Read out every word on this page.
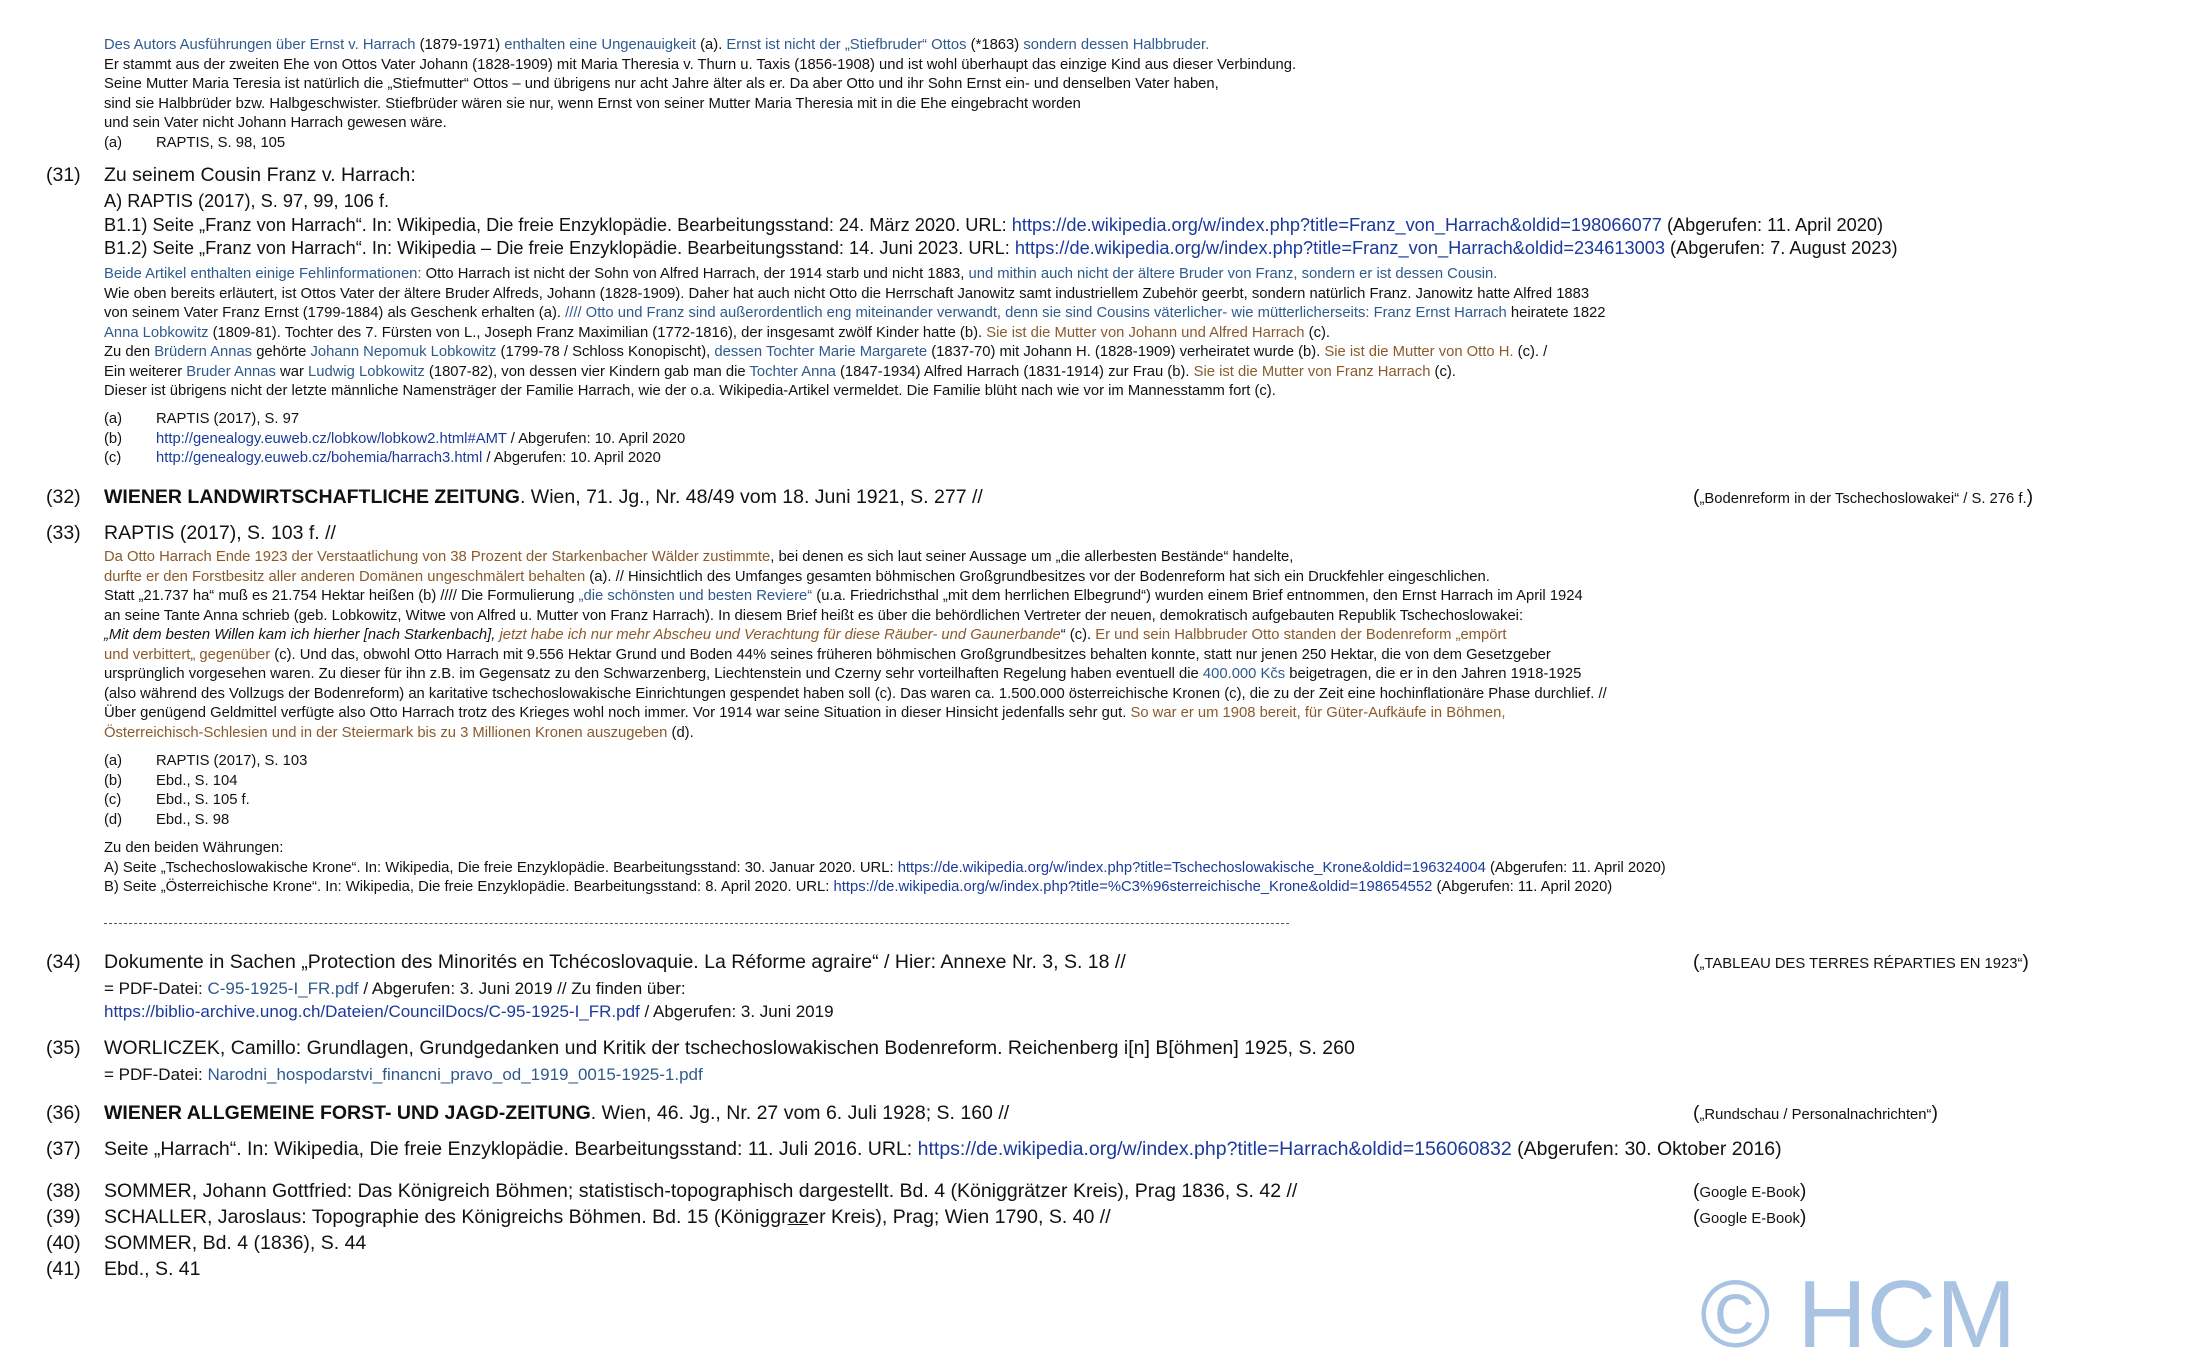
Des Autors Ausführungen über Ernst v. Harrach (1879-1971) enthalten eine Ungenauigkeit (a). Ernst ist nicht der „Stiefbruder“ Ottos (*1863) sondern dessen Halbbruder.
Er stammt aus der zweiten Ehe von Ottos Vater Johann (1828-1909) mit Maria Theresia v. Thurn u. Taxis (1856-1908) und ist wohl überhaupt das einzige Kind aus dieser Verbindung.
Seine Mutter Maria Teresia ist natürlich die „Stiefmutter“ Ottos – und übrigens nur acht Jahre älter als er. Da aber Otto und ihr Sohn Ernst ein- und denselben Vater haben,
sind sie Halbbrüder bzw. Halbgeschwister. Stiefbrüder wären sie nur, wenn Ernst von seiner Mutter Maria Theresia mit in die Ehe eingebracht worden
und sein Vater nicht Johann Harrach gewesen wäre.
(a) RAPTIS, S. 98, 105
(31) Zu seinem Cousin Franz v. Harrach:
A) RAPTIS (2017), S. 97, 99, 106 f.
B1.1) Seite „Franz von Harrach“. In: Wikipedia, Die freie Enzyklopädie. Bearbeitungsstand: 24. März 2020. URL: https://de.wikipedia.org/w/index.php?title=Franz_von_Harrach&oldid=198066077 (Abgerufen: 11. April 2020)
B1.2) Seite „Franz von Harrach“. In: Wikipedia – Die freie Enzyklopädie. Bearbeitungsstand: 14. Juni 2023. URL: https://de.wikipedia.org/w/index.php?title=Franz_von_Harrach&oldid=234613003 (Abgerufen: 7. August 2023)
Beide Artikel enthalten einige Fehlinformationen: Otto Harrach ist nicht der Sohn von Alfred Harrach, der 1914 starb und nicht 1883, und mithin auch nicht der ältere Bruder von Franz, sondern er ist dessen Cousin.
Wie oben bereits erläutert, ist Ottos Vater der ältere Bruder Alfreds, Johann (1828-1909). Daher hat auch nicht Otto die Herrschaft Janowitz samt industriellem Zubehör geerbt, sondern natürlich Franz. Janowitz hatte Alfred 1883
von seinem Vater Franz Ernst (1799-1884) als Geschenk erhalten (a). //// Otto und Franz sind außerordentlich eng miteinander verwandt, denn sie sind Cousins väterlicher- wie mütterlicherseits: Franz Ernst Harrach heiratete 1822
Anna Lobkowitz (1809-81). Tochter des 7. Fürsten von L., Joseph Franz Maximilian (1772-1816), der insgesamt zwölf Kinder hatte (b). Sie ist die Mutter von Johann und Alfred Harrach (c).
Zu den Brüdern Annas gehörte Johann Nepomuk Lobkowitz (1799-78 / Schloss Konopischt), dessen Tochter Marie Margarete (1837-70) mit Johann H. (1828-1909) verheiratet wurde (b). Sie ist die Mutter von Otto H. (c). /
Ein weiterer Bruder Annas war Ludwig Lobkowitz (1807-82), von dessen vier Kindern gab man die Tochter Anna (1847-1934) Alfred Harrach (1831-1914) zur Frau (b). Sie ist die Mutter von Franz Harrach (c).
Dieser ist übrigens nicht der letzte männliche Namensträger der Familie Harrach, wie der o.a. Wikipedia-Artikel vermeldet. Die Familie blüht nach wie vor im Mannesstamm fort (c).
(a) RAPTIS (2017), S. 97
(b) http://genealogy.euweb.cz/lobkow/lobkow2.html#AMT / Abgerufen: 10. April 2020
(c) http://genealogy.euweb.cz/bohemia/harrach3.html / Abgerufen: 10. April 2020
(32) WIENER LANDWIRTSCHAFTLICHE ZEITUNG. Wien, 71. Jg., Nr. 48/49 vom 18. Juni 1921, S. 277 //	(„Bodenreform in der Tschechoslowakei“ / S. 276 f.)
(33) RAPTIS (2017), S. 103 f. //
Da Otto Harrach Ende 1923 der Verstaatlichung von 38 Prozent der Starkenbacher Wälder zustimmte, bei denen es sich laut seiner Aussage um „die allerbesten Bestände“ handelte,
durfte er den Forstbesitz aller anderen Domänen ungeschmälert behalten (a). // Hinsichtlich des Umfanges gesamten böhmischen Großgrundbesitzes vor der Bodenreform hat sich ein Druckfehler eingeschlichen.
Statt „21.737 ha“ muß es 21.754 Hektar heißen (b) //// Die Formulierung „die schönsten und besten Reviere“ (u.a. Friedrichsthal „mit dem herrlichen Elbegrund“) wurden einem Brief entnommen, den Ernst Harrach im April 1924
an seine Tante Anna schrieb (geb. Lobkowitz, Witwe von Alfred u. Mutter von Franz Harrach). In diesem Brief heißt es über die behördlichen Vertreter der neuen, demokratisch aufgebauten Republik Tschechoslowakei:
„Mit dem besten Willen kam ich hierher [nach Starkenbach], jetzt habe ich nur mehr Abscheu und Verachtung für diese Räuber- und Gaunerbande“ (c). Er und sein Halbbruder Otto standen der Bodenreform „empört
und verbittert„ gegenüber (c). Und das, obwohl Otto Harrach mit 9.556 Hektar Grund und Boden 44% seines früheren böhmischen Großgrundbesitzes behalten konnte, statt nur jenen 250 Hektar, die von dem Gesetzgeber
ursprünglich vorgesehen waren. Zu dieser für ihn z.B. im Gegensatz zu den Schwarzenberg, Liechtenstein und Czerny sehr vorteilhaften Regelung haben eventuell die 400.000 Kčs beigetragen, die er in den Jahren 1918-1925
(also während des Vollzugs der Bodenreform) an karitative tschechoslowakische Einrichtungen gespendet haben soll (c). Das waren ca. 1.500.000 österreichische Kronen (c), die zu der Zeit eine hochinflationäre Phase durchlief. //
Über genügend Geldmittel verfügte also Otto Harrach trotz des Krieges wohl noch immer. Vor 1914 war seine Situation in dieser Hinsicht jedenfalls sehr gut. So war er um 1908 bereit, für Güter-Aufkäufe in Böhmen,
Österreichisch-Schlesien und in der Steiermark bis zu 3 Millionen Kronen auszugeben (d).
(a) RAPTIS (2017), S. 103
(b) Ebd., S. 104
(c) Ebd., S. 105 f.
(d) Ebd., S. 98
Zu den beiden Währungen:
A) Seite „Tschechoslowakische Krone“. In: Wikipedia, Die freie Enzyklopädie. Bearbeitungsstand: 30. Januar 2020. URL: https://de.wikipedia.org/w/index.php?title=Tschechoslowakische_Krone&oldid=196324004 (Abgerufen: 11. April 2020)
B) Seite „Österreichische Krone“. In: Wikipedia, Die freie Enzyklopädie. Bearbeitungsstand: 8. April 2020. URL: https://de.wikipedia.org/w/index.php?title=%C3%96sterreichische_Krone&oldid=198654552 (Abgerufen: 11. April 2020)
(34) Dokumente in Sachen „Protection des Minorités en Tchécoslovaquie. La Réforme agraire“ / Hier: Annexe Nr. 3, S. 18 //	(„TABLEAU DES TERRES RÉPARTIES EN 1923“)
= PDF-Datei: C-95-1925-I_FR.pdf / Abgerufen: 3. Juni 2019 // Zu finden über:
https://biblio-archive.unog.ch/Dateien/CouncilDocs/C-95-1925-I_FR.pdf / Abgerufen: 3. Juni 2019
(35) WORLICZEK, Camillo: Grundlagen, Grundgedanken und Kritik der tschechoslowakischen Bodenreform. Reichenberg i[n] B[öhmen] 1925, S. 260
= PDF-Datei: Narodni_hospodarstvi_financni_pravo_od_1919_0015-1925-1.pdf
(36) WIENER ALLGEMEINE FORST- UND JAGD-ZEITUNG. Wien, 46. Jg., Nr. 27 vom 6. Juli 1928; S. 160 //	(„Rundschau / Personalnachrichten“)
(37) Seite „Harrach“. In: Wikipedia, Die freie Enzyklopädie. Bearbeitungsstand: 11. Juli 2016. URL: https://de.wikipedia.org/w/index.php?title=Harrach&oldid=156060832 (Abgerufen: 30. Oktober 2016)
(38) SOMMER, Johann Gottfried: Das Königreich Böhmen; statistisch-topographisch dargestellt. Bd. 4 (Königgrätzer Kreis), Prag 1836, S. 42 //	(Google E-Book)
(39) SCHALLER, Jaroslaus: Topographie des Königreichs Böhmen. Bd. 15 (Königgrazer Kreis), Prag; Wien 1790, S. 40 //	(Google E-Book)
(40) SOMMER, Bd. 4 (1836), S. 44
(41) Ebd., S. 41	© HCM
